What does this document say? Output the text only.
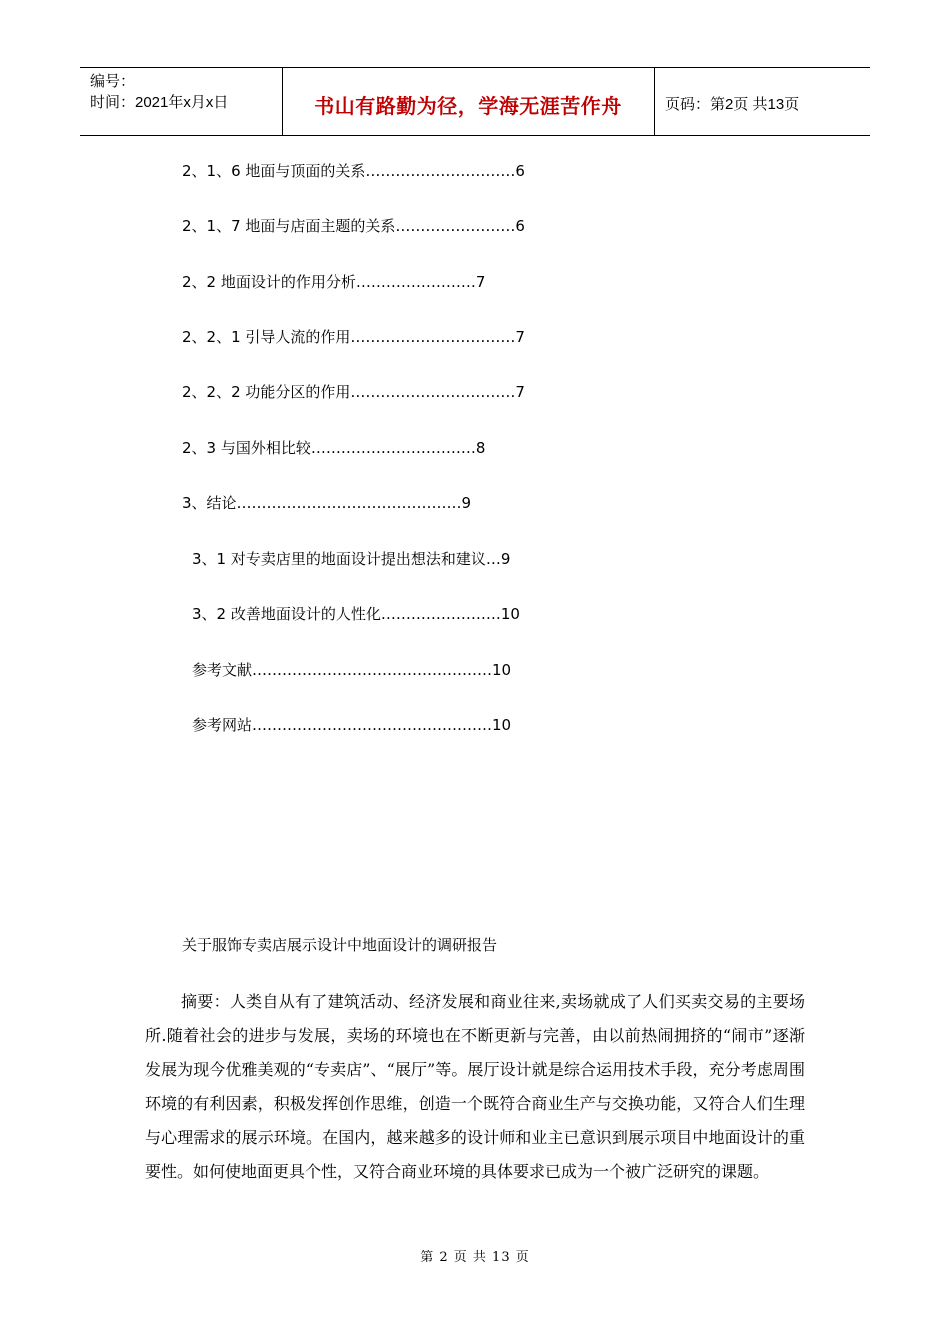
编号：
时间：2021年x月x日	书山有路勤为径，学海无涯苦作舟	页码：第2页 共13页
2、1、6 地面与顶面的关系…………………………6
2、1、7 地面与店面主题的关系……………………6
2、2 地面设计的作用分析……………………7
2、2、1 引导人流的作用……………………………7
2、2、2 功能分区的作用……………………………7
2、3 与国外相比较……………………………8
3、结论………………………………………9
3、1 对专卖店里的地面设计提出想法和建议…9
3、2 改善地面设计的人性化……………………10
参考文献…………………………………………10
参考网站…………………………………………10
关于服饰专卖店展示设计中地面设计的调研报告
摘要：人类自从有了建筑活动、经济发展和商业往来,卖场就成了人们买卖交易的主要场所.随着社会的进步与发展，卖场的环境也在不断更新与完善，由以前热闹拥挤的“闹市”逐渐发展为现今优雅美观的“专卖店”、“展厅”等。展厅设计就是综合运用技术手段，充分考虑周围环境的有利因素，积极发挥创作思维，创造一个既符合商业生产与交换功能，又符合人们生理与心理需求的展示环境。在国内，越来越多的设计师和业主已意识到展示项目中地面设计的重要性。如何使地面更具个性，又符合商业环境的具体要求已成为一个被广泛研究的课题。
第 2 页 共 13 页
